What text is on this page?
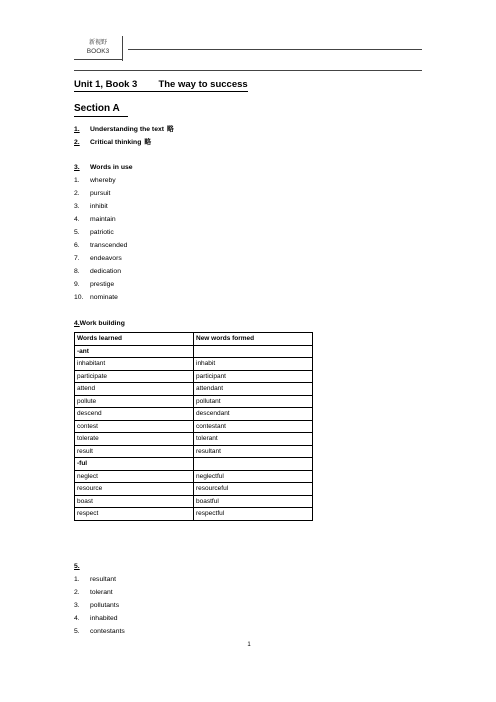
新视野
BOOK3
Unit 1, Book 3        The way to success
Section A
1. Understanding the text 略
2. Critical thinking 略
3. Words in use
1. whereby
2. pursuit
3. inhibit
4. maintain
5. patriotic
6. transcended
7. endeavors
8. dedication
9. prestige
10. nominate
4.Work building
Words learned	New words formed
-ant	
inhabitant	inhabit
participate	participant
attend	attendant
pollute	pollutant
descend	descendant
contest	contestant
tolerate	tolerant
result	resultant
-ful	
neglect	neglectful
resource	resourceful
boast	boastful
respect	respectful
5.
1. resultant
2. tolerant
3. pollutants
4. inhabited
5. contestants
1
